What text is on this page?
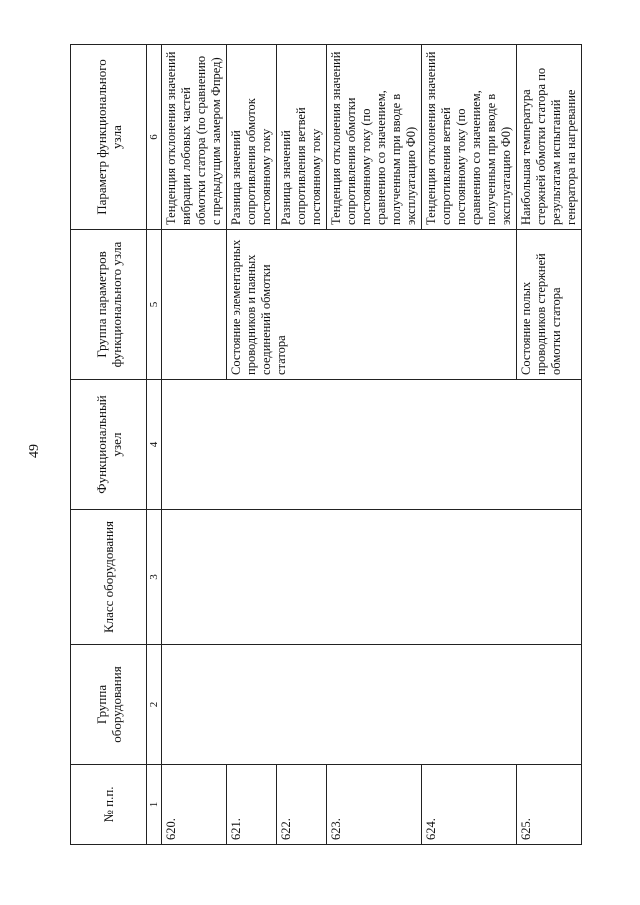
49
№ п.п.	Группа оборудования	Класс оборудования	Функциональный узел	Группа параметров функционального узла	Параметр функционального узла
1	2	3	4	5	6
620.					Тенденция отклонения значений вибрации лобовых частей обмотки статора (по сравнению с предыдущим замером Фпред)
621.				Состояние элементарных проводников и паяных соединений обмотки статора	Разница значений сопротивления обмоток постоянному току
622.					Разница значений сопротивления ветвей постоянному току
623.					Тенденция отклонения значений сопротивления обмотки постоянному току (по сравнению со значением, полученным при вводе в эксплуатацию Ф0)
624.					Тенденция отклонения значений сопротивления ветвей постоянному току (по сравнению со значением, полученным при вводе в эксплуатацию Ф0)
625.				Состояние полых проводников стержней обмотки статора	Наибольшая температура стержней обмотки статора по результатам испытаний генератора на нагревание
